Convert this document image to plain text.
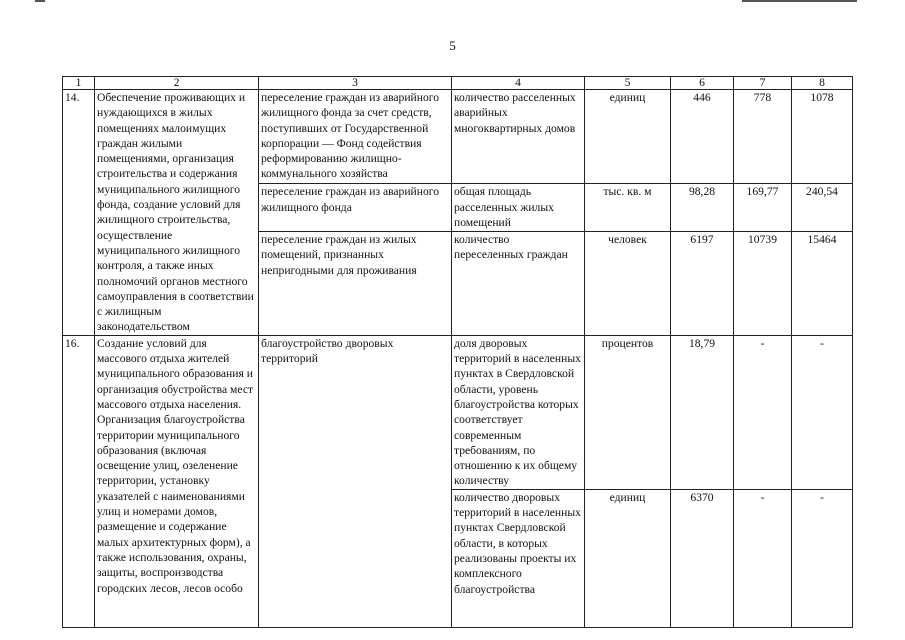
5
1	2	3	4	5	6	7	8
14.	Обеспечение проживающих и нуждающихся в жилых помещениях малоимущих граждан жилыми помещениями, организация строительства и содержания муниципального жилищного фонда, создание условий для жилищного строительства, осуществление муниципального жилищного контроля, а также иных полномочий органов местного самоуправления в соответствии с жилищным законодательством	переселение граждан из аварийного жилищного фонда за счет средств, поступивших от Государственной корпорации — Фонд содействия реформированию жилищно-коммунального хозяйства	количество расселенных аварийных многоквартирных домов	единиц	446	778	1078
		переселение граждан из аварийного жилищного фонда	общая площадь расселенных жилых помещений	тыс. кв. м	98,28	169,77	240,54
		переселение граждан из жилых помещений, признанных непригодными для проживания	количество переселенных граждан	человек	6197	10739	15464
16.	Создание условий для массового отдыха жителей муниципального образования и организация обустройства мест массового отдыха населения. Организация благоустройства территории муниципального образования (включая освещение улиц, озеленение территории, установку указателей с наименованиями улиц и номерами домов, размещение и содержание малых архитектурных форм), а также использования, охраны, защиты, воспроизводства городских лесов, лесов особо	благоустройство дворовых территорий	доля дворовых территорий в населенных пунктах в Свердловской области, уровень благоустройства которых соответствует современным требованиям, по отношению к их общему количеству	процентов	18,79	-	-
			количество дворовых территорий в населенных пунктах Свердловской области, в которых реализованы проекты их комплексного благоустройства	единиц	6370	-	-
